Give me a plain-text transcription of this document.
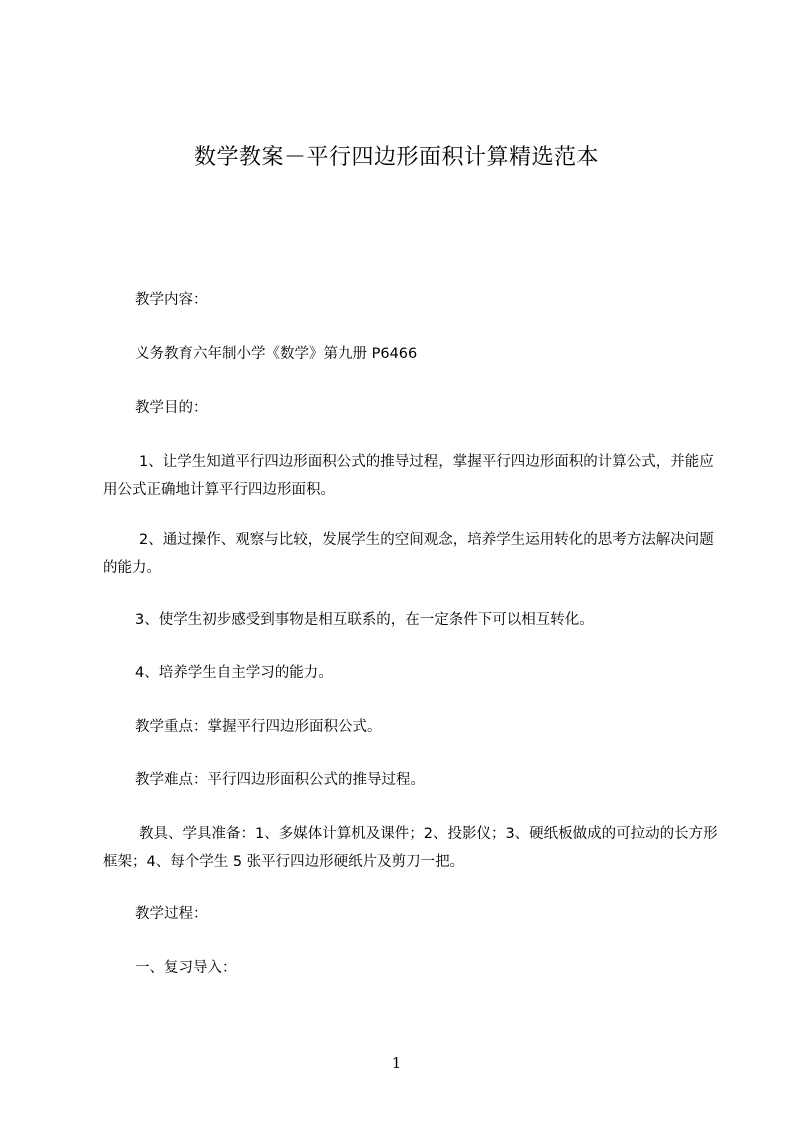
数学教案－平行四边形面积计算精选范本

教学内容：

义务教育六年制小学《数学》第九册 P6466

教学目的：

1、让学生知道平行四边形面积公式的推导过程，掌握平行四边形面积的计算公式，并能应用公式正确地计算平行四边形面积。

2、通过操作、观察与比较，发展学生的空间观念，培养学生运用转化的思考方法解决问题的能力。

3、使学生初步感受到事物是相互联系的，在一定条件下可以相互转化。

4、培养学生自主学习的能力。

教学重点：掌握平行四边形面积公式。

教学难点：平行四边形面积公式的推导过程。

教具、学具准备：1、多媒体计算机及课件；2、投影仪；3、硬纸板做成的可拉动的长方形框架；4、每个学生 5 张平行四边形硬纸片及剪刀一把。

教学过程：

一、复习导入：

1
